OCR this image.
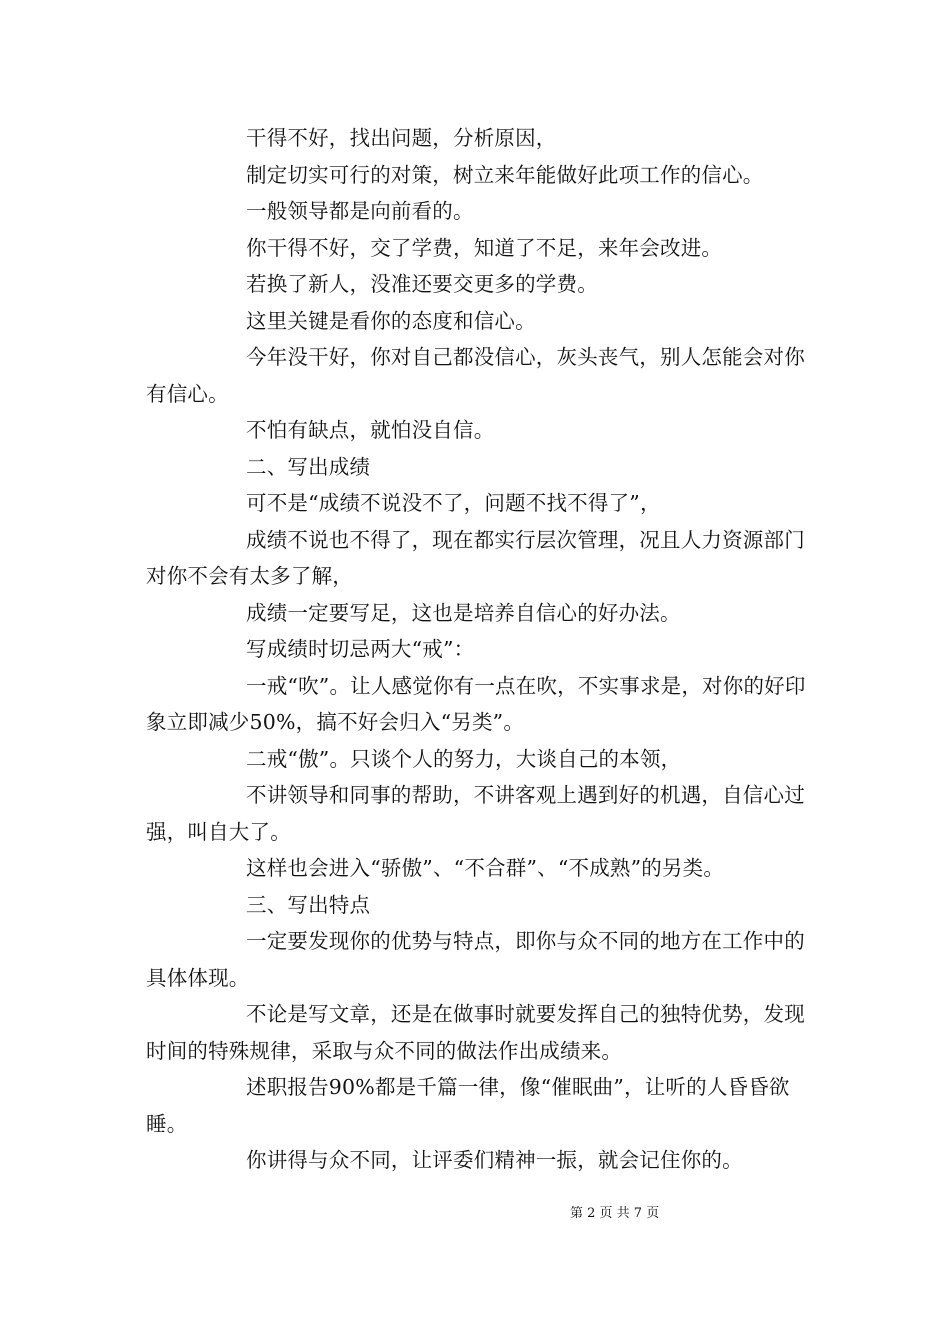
干得不好，找出问题，分析原因，

制定切实可行的对策，树立来年能做好此项工作的信心。

一般领导都是向前看的。

你干得不好，交了学费，知道了不足，来年会改进。

若换了新人，没准还要交更多的学费。

这里关键是看你的态度和信心。

今年没干好，你对自己都没信心，灰头丧气，别人怎能会对你有信心。

不怕有缺点，就怕没自信。

二、写出成绩

可不是“成绩不说没不了，问题不找不得了”，

成绩不说也不得了，现在都实行层次管理，况且人力资源部门对你不会有太多了解，

成绩一定要写足，这也是培养自信心的好办法。

写成绩时切忌两大“戒”：

一戒“吹”。让人感觉你有一点在吹，不实事求是，对你的好印象立即减少50%，搞不好会归入“另类”。

二戒“傲”。只谈个人的努力，大谈自己的本领，

不讲领导和同事的帮助，不讲客观上遇到好的机遇，自信心过强，叫自大了。

这样也会进入“骄傲”、“不合群”、“不成熟”的另类。

三、写出特点

一定要发现你的优势与特点，即你与众不同的地方在工作中的具体体现。

不论是写文章，还是在做事时就要发挥自己的独特优势，发现时间的特殊规律，采取与众不同的做法作出成绩来。

述职报告90%都是千篇一律，像“催眠曲”，让听的人昏昏欲睡。

你讲得与众不同，让评委们精神一振，就会记住你的。

第 2 页 共 7 页
